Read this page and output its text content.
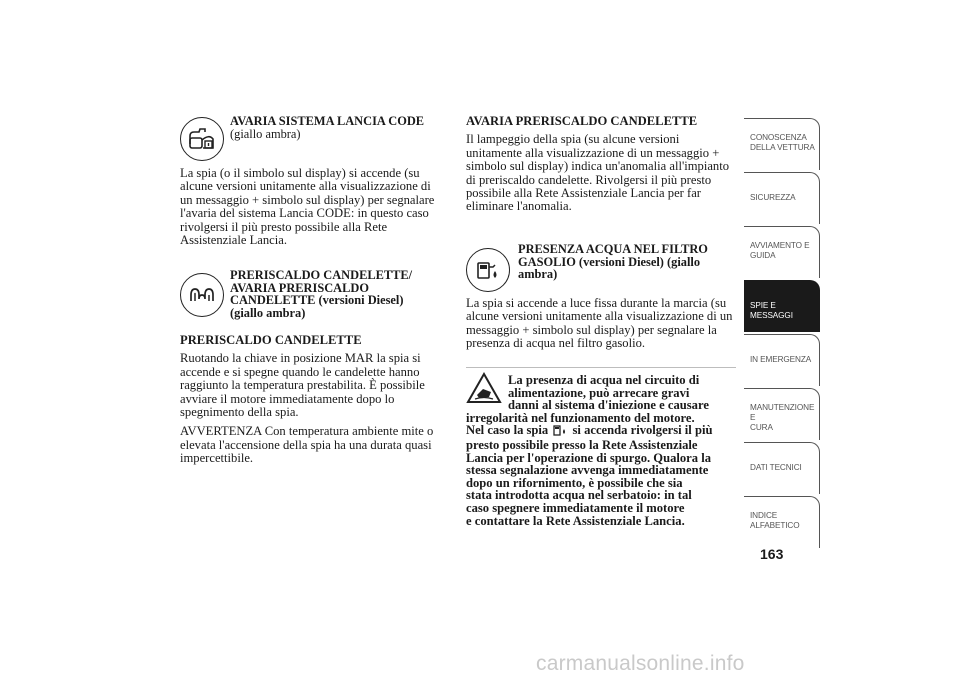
AVARIA SISTEMA LANCIA CODE
(giallo ambra)

La spia (o il simbolo sul display) si accende (su alcune versioni unitamente alla visualizzazione di un messaggio + simbolo sul display) per segnalare l'avaria del sistema Lancia CODE: in questo caso rivolgersi il più presto possibile alla Rete Assistenziale Lancia.

PRERISCALDO CANDELETTE/
AVARIA PRERISCALDO
CANDELETTE (versioni Diesel)
(giallo ambra)

PRERISCALDO CANDELETTE

Ruotando la chiave in posizione MAR la spia si accende e si spegne quando le candelette hanno raggiunto la temperatura prestabilita. È possibile avviare il motore immediatamente dopo lo spegnimento della spia.

AVVERTENZA Con temperatura ambiente mite o elevata l'accensione della spia ha una durata quasi impercettibile.

AVARIA PRERISCALDO CANDELETTE

Il lampeggio della spia (su alcune versioni unitamente alla visualizzazione di un messaggio + simbolo sul display) indica un'anomalia all'impianto di preriscaldo candelette. Rivolgersi il più presto possibile alla Rete Assistenziale Lancia per far eliminare l'anomalia.

PRESENZA ACQUA NEL FILTRO
GASOLIO (versioni Diesel) (giallo
ambra)

La spia si accende a luce fissa durante la marcia (su alcune versioni unitamente alla visualizzazione di un messaggio + simbolo sul display) per segnalare la presenza di acqua nel filtro gasolio.

La presenza di acqua nel circuito di
alimentazione, può arrecare gravi
danni al sistema d'iniezione e causare
irregolarità nel funzionamento del motore.
Nel caso la spia si accenda rivolgersi il più
presto possibile presso la Rete Assistenziale
Lancia per l'operazione di spurgo. Qualora la
stessa segnalazione avvenga immediatamente
dopo un rifornimento, è possibile che sia
stata introdotta acqua nel serbatoio: in tal
caso spegnere immediatamente il motore
e contattare la Rete Assistenziale Lancia.
CONOSCENZA
DELLA VETTURA
SICUREZZA
AVVIAMENTO E
GUIDA
SPIE E MESSAGGI
IN EMERGENZA
MANUTENZIONE E
CURA
DATI TECNICI
INDICE
ALFABETICO
163
carmanualsonline.info
